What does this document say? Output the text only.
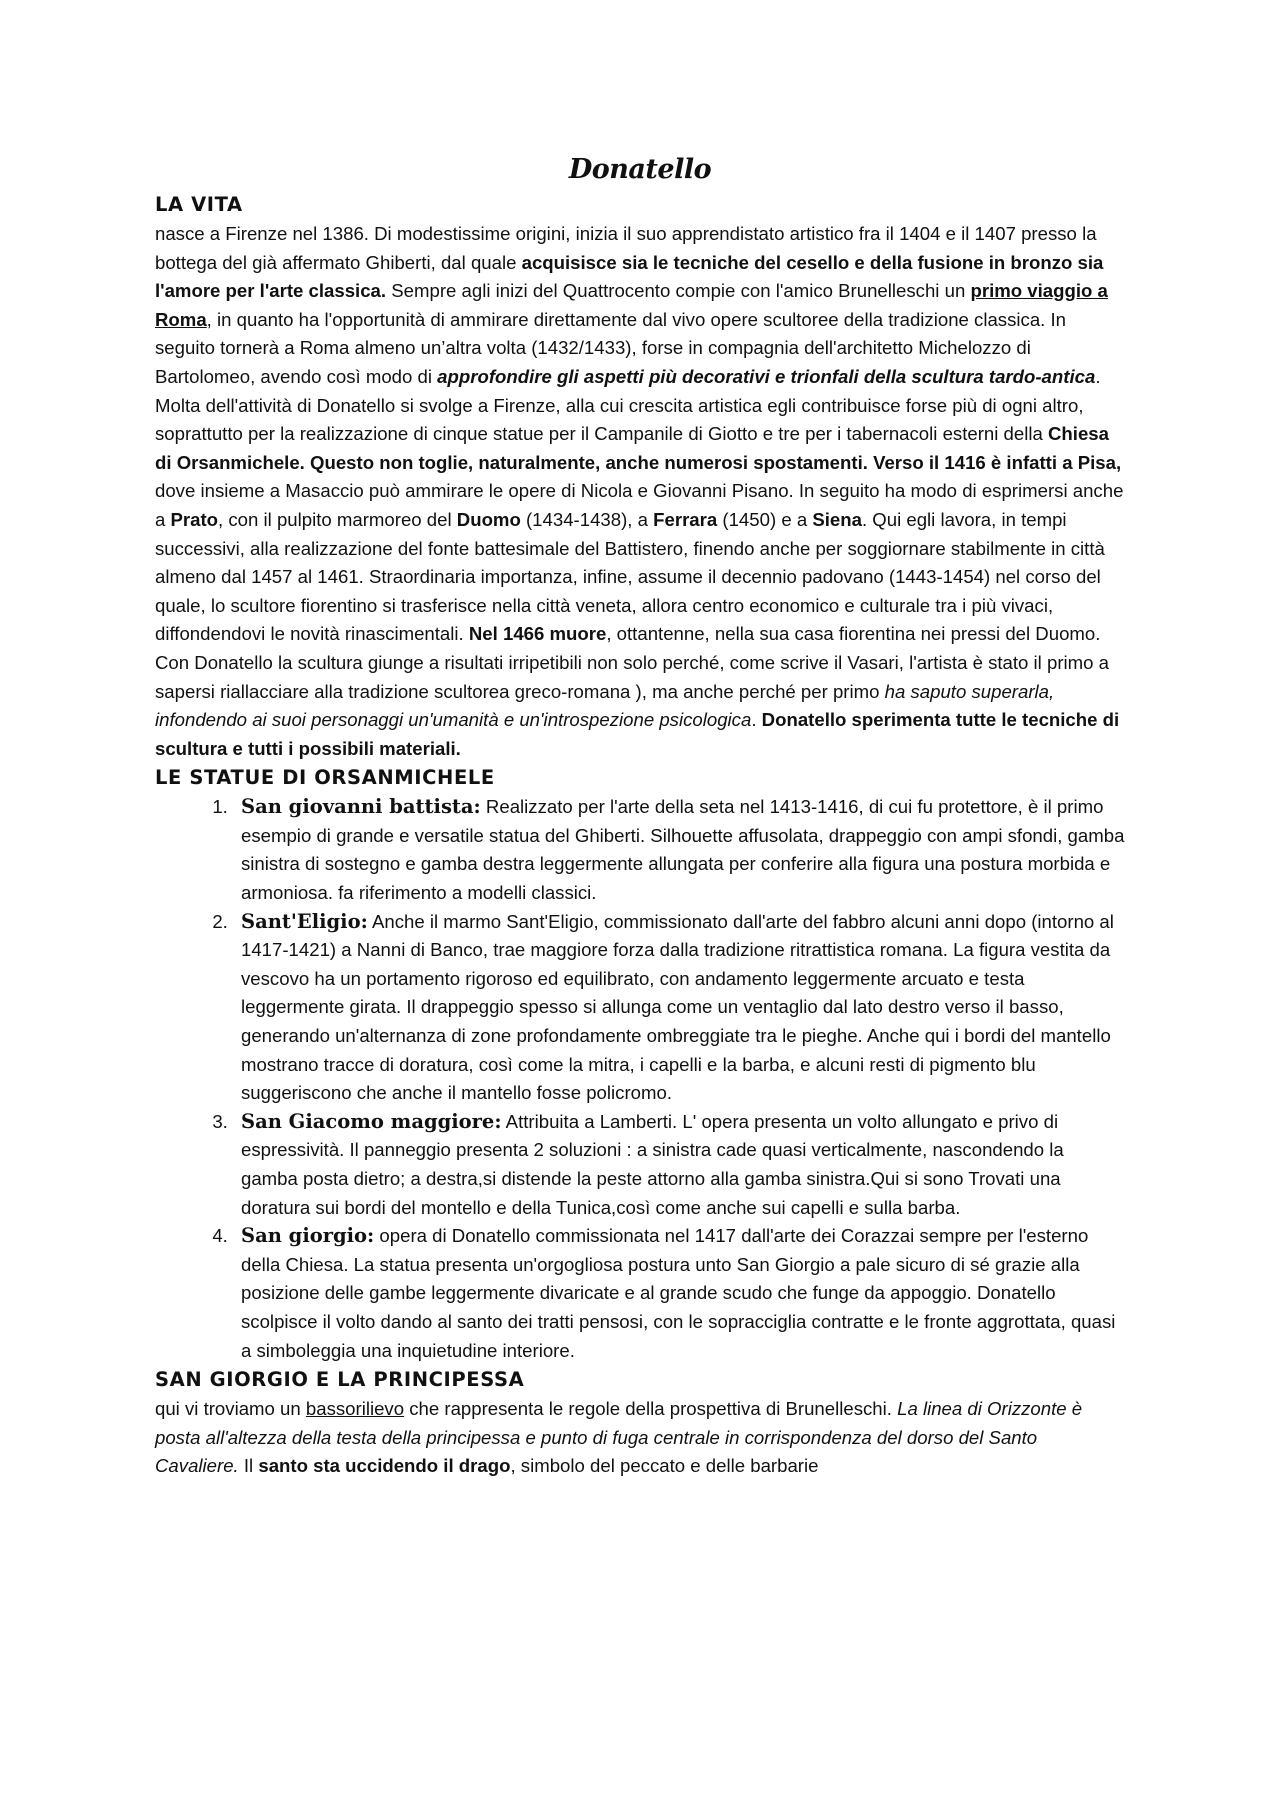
Donatello
LA VITA

nasce a Firenze nel 1386. Di modestissime origini, inizia il suo apprendistato artistico fra il 1404 e il 1407 presso la bottega del già affermato Ghiberti, dal quale acquisisce sia le tecniche del cesello e della fusione in bronzo sia l'amore per l'arte classica. Sempre agli inizi del Quattrocento compie con l'amico Brunelleschi un primo viaggio a Roma, in quanto ha l'opportunità di ammirare direttamente dal vivo opere scultoree della tradizione classica. In seguito tornerà a Roma almeno un’altra volta (1432/1433), forse in compagnia dell'architetto Michelozzo di Bartolomeo, avendo così modo di approfondire gli aspetti più decorativi e trionfali della scultura tardo-antica. Molta dell'attività di Donatello si svolge a Firenze, alla cui crescita artistica egli contribuisce forse più di ogni altro, soprattutto per la realizzazione di cinque statue per il Campanile di Giotto e tre per i tabernacoli esterni della Chiesa di Orsanmichele. Questo non toglie, naturalmente, anche numerosi spostamenti. Verso il 1416 è infatti a Pisa, dove insieme a Masaccio può ammirare le opere di Nicola e Giovanni Pisano. In seguito ha modo di esprimersi anche a Prato, con il pulpito marmoreo del Duomo (1434-1438), a Ferrara (1450) e a Siena. Qui egli lavora, in tempi successivi, alla realizzazione del fonte battesimale del Battistero, finendo anche per soggiornare stabilmente in città almeno dal 1457 al 1461. Straordinaria importanza, infine, assume il decennio padovano (1443-1454) nel corso del quale, lo scultore fiorentino si trasferisce nella città veneta, allora centro economico e culturale tra i più vivaci, diffondendovi le novità rinascimentali. Nel 1466 muore, ottantenne, nella sua casa fiorentina nei pressi del Duomo. Con Donatello la scultura giunge a risultati irripetibili non solo perché, come scrive il Vasari, l'artista è stato il primo a sapersi riallacciare alla tradizione scultorea greco-romana ), ma anche perché per primo ha saputo superarla, infondendo ai suoi personaggi un'umanità e un'introspezione psicologica. Donatello sperimenta tutte le tecniche di scultura e tutti i possibili materiali.

LE STATUE DI ORSANMICHELE
1. San giovanni battista: Realizzato per l'arte della seta nel 1413-1416, di cui fu protettore, è il primo esempio di grande e versatile statua del Ghiberti. Silhouette affusolata, drappeggio con ampi sfondi, gamba sinistra di sostegno e gamba destra leggermente allungata per conferire alla figura una postura morbida e armoniosa. fa riferimento a modelli classici.
2. Sant'Eligio: Anche il marmo Sant'Eligio, commissionato dall'arte del fabbro alcuni anni dopo (intorno al 1417-1421) a Nanni di Banco, trae maggiore forza dalla tradizione ritrattistica romana. La figura vestita da vescovo ha un portamento rigoroso ed equilibrato, con andamento leggermente arcuato e testa leggermente girata. Il drappeggio spesso si allunga come un ventaglio dal lato destro verso il basso, generando un'alternanza di zone profondamente ombreggiate tra le pieghe. Anche qui i bordi del mantello mostrano tracce di doratura, così come la mitra, i capelli e la barba, e alcuni resti di pigmento blu suggeriscono che anche il mantello fosse policromo.
3. San Giacomo maggiore: Attribuita a Lamberti. L' opera presenta un volto allungato e privo di espressività. Il panneggio presenta 2 soluzioni : a sinistra cade quasi verticalmente, nascondendo la gamba posta dietro; a destra,si distende la peste attorno alla gamba sinistra.Qui si sono Trovati una doratura sui bordi del montello e della Tunica,così come anche sui capelli e sulla barba.
4. San giorgio: opera di Donatello commissionata nel 1417 dall'arte dei Corazzai sempre per l'esterno della Chiesa. La statua presenta un'orgogliosa postura unto San Giorgio a pale sicuro di sé grazie alla posizione delle gambe leggermente divaricate e al grande scudo che funge da appoggio. Donatello scolpisce il volto dando al santo dei tratti pensosi, con le sopracciglia contratte e le fronte aggrottata, quasi a simboleggia una inquietudine interiore.
SAN GIORGIO E LA PRINCIPESSA

qui vi troviamo un bassorilievo che rappresenta le regole della prospettiva di Brunelleschi. La linea di Orizzonte è posta all'altezza della testa della principessa e punto di fuga centrale in corrispondenza del dorso del Santo Cavaliere. Il santo sta uccidendo il drago, simbolo del peccato e delle barbarie
